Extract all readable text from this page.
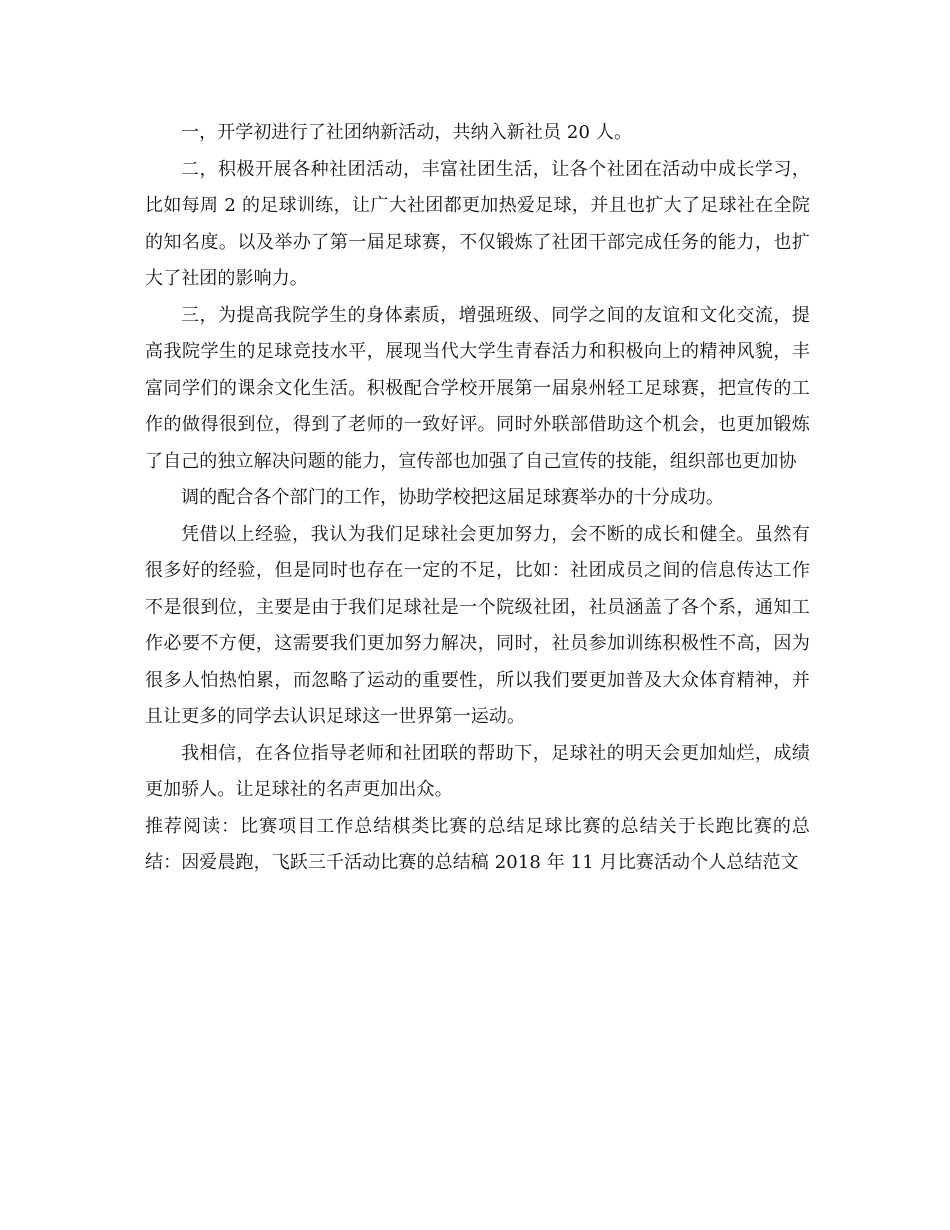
一，开学初进行了社团纳新活动，共纳入新社员 20 人。

二，积极开展各种社团活动，丰富社团生活，让各个社团在活动中成长学习，比如每周 2 的足球训练，让广大社团都更加热爱足球，并且也扩大了足球社在全院的知名度。以及举办了第一届足球赛，不仅锻炼了社团干部完成任务的能力，也扩大了社团的影响力。

三，为提高我院学生的身体素质，增强班级、同学之间的友谊和文化交流，提高我院学生的足球竞技水平，展现当代大学生青春活力和积极向上的精神风貌，丰富同学们的课余文化生活。积极配合学校开展第一届泉州轻工足球赛，把宣传的工作的做得很到位，得到了老师的一致好评。同时外联部借助这个机会，也更加锻炼了自己的独立解决问题的能力，宣传部也加强了自己宣传的技能，组织部也更加协

调的配合各个部门的工作，协助学校把这届足球赛举办的十分成功。

凭借以上经验，我认为我们足球社会更加努力，会不断的成长和健全。虽然有很多好的经验，但是同时也存在一定的不足，比如：社团成员之间的信息传达工作不是很到位，主要是由于我们足球社是一个院级社团，社员涵盖了各个系，通知工作必要不方便，这需要我们更加努力解决，同时，社员参加训练积极性不高，因为很多人怕热怕累，而忽略了运动的重要性，所以我们要更加普及大众体育精神，并且让更多的同学去认识足球这一世界第一运动。

我相信，在各位指导老师和社团联的帮助下，足球社的明天会更加灿烂，成绩更加骄人。让足球社的名声更加出众。

推荐阅读：比赛项目工作总结棋类比赛的总结足球比赛的总结关于长跑比赛的总结：因爱晨跑，飞跃三千活动比赛的总结稿 2018 年 11 月比赛活动个人总结范文
